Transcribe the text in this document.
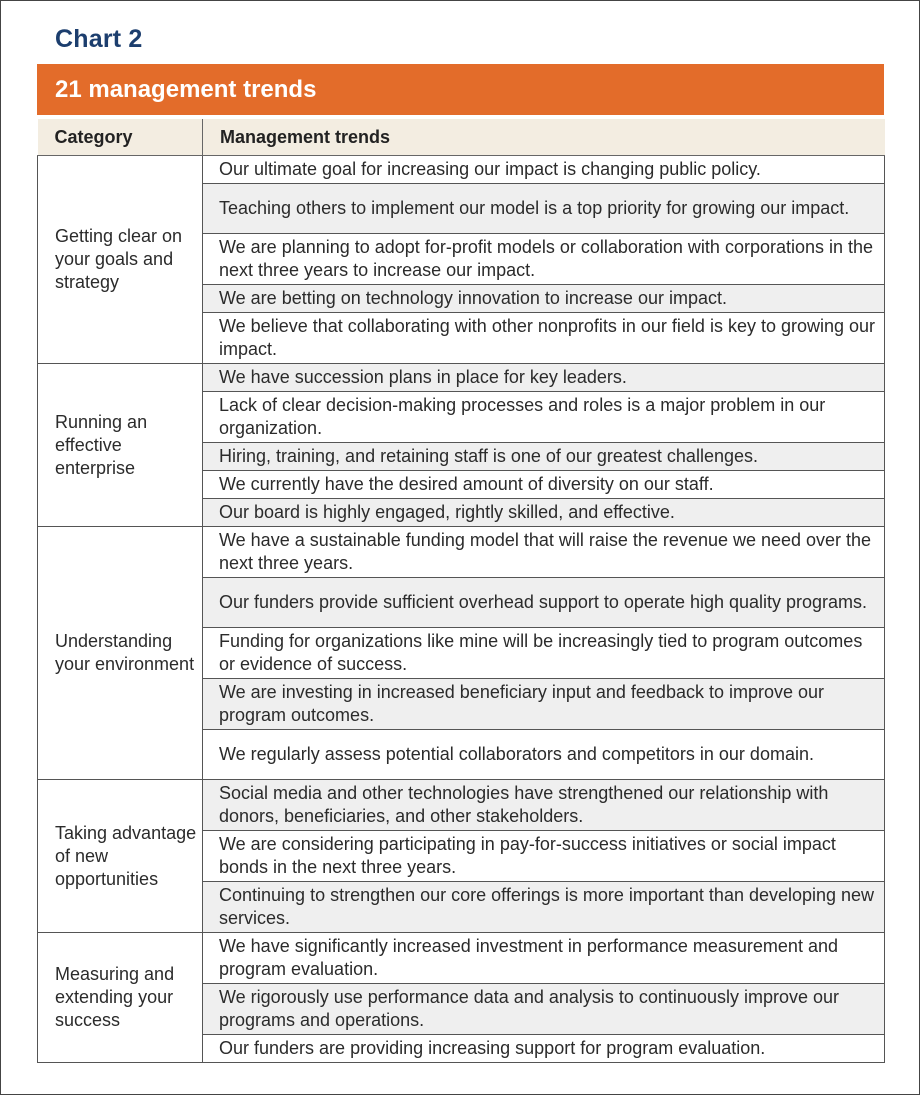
Chart 2
21 management trends
Category	Management trends
Getting clear on your goals and strategy	Our ultimate goal for increasing our impact is changing public policy.
	Teaching others to implement our model is a top priority for growing our impact.
	We are planning to adopt for-profit models or collaboration with corporations in the next three years to increase our impact.
	We are betting on technology innovation to increase our impact.
	We believe that collaborating with other nonprofits in our field is key to growing our impact.
Running an effective enterprise	We have succession plans in place for key leaders.
	Lack of clear decision-making processes and roles is a major problem in our organization.
	Hiring, training, and retaining staff is one of our greatest challenges.
	We currently have the desired amount of diversity on our staff.
	Our board is highly engaged, rightly skilled, and effective.
Understanding your environment	We have a sustainable funding model that will raise the revenue we need over the next three years.
	Our funders provide sufficient overhead support to operate high quality programs.
	Funding for organizations like mine will be increasingly tied to program outcomes or evidence of success.
	We are investing in increased beneficiary input and feedback to improve our program outcomes.
	We regularly assess potential collaborators and competitors in our domain.
Taking advantage of new opportunities	Social media and other technologies have strengthened our relationship with donors, beneficiaries, and other stakeholders.
	We are considering participating in pay-for-success initiatives or social impact bonds in the next three years.
	Continuing to strengthen our core offerings is more important than developing new services.
Measuring and extending your success	We have significantly increased investment in performance measurement and program evaluation.
	We rigorously use performance data and analysis to continuously improve our programs and operations.
	Our funders are providing increasing support for program evaluation.
